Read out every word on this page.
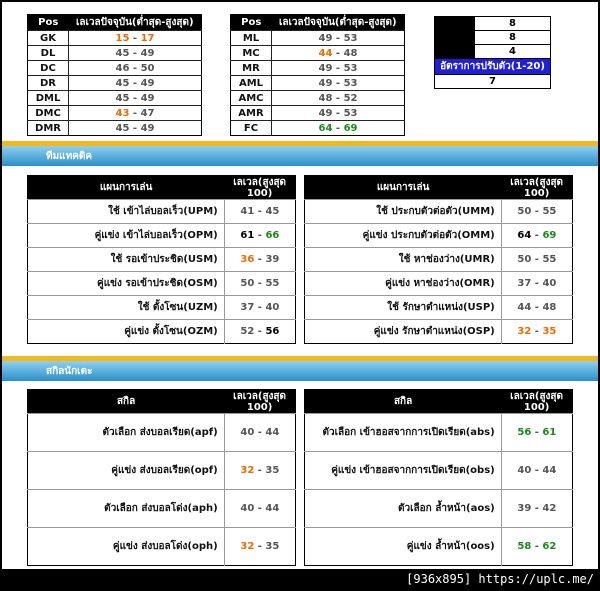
Pos	เลเวลปัจจุบัน(ต่ำสุด-สูงสุด)
GK	15 - 17
DL	45 - 49
DC	46 - 50
DR	45 - 49
DML	45 - 49
DMC	43 - 47
DMR	45 - 49
Pos	เลเวลปัจจุบัน(ต่ำสุด-สูงสุด)
ML	49 - 53
MC	44 - 48
MR	49 - 53
AML	49 - 53
AMC	48 - 52
AMR	49 - 53
FC	64 - 69
CA	8
LA	8
PR	4
อัตราการปรับตัว(1-20)	
7	
ทีมแทคติค
แผนการเล่น	เลเวล(สูงสุด 100)
ใช้ เข้าไล่บอลเร็ว(UPM)	41 - 45
คู่แข่ง เข้าไล่บอลเร็ว(OPM)	61 - 66
ใช้ รอเข้าประชิด(USM)	36 - 39
คู่แข่ง รอเข้าประชิด(OSM)	50 - 55
ใช้ ตั้งโซน(UZM)	37 - 40
คู่แข่ง ตั้งโซน(OZM)	52 - 56
แผนการเล่น	เลเวล(สูงสุด 100)
ใช้ ประกบตัวต่อตัว(UMM)	50 - 55
คู่แข่ง ประกบตัวต่อตัว(OMM)	64 - 69
ใช้ หาช่องว่าง(UMR)	50 - 55
คู่แข่ง หาช่องว่าง(OMR)	37 - 40
ใช้ รักษาตำแหน่ง(USP)	44 - 48
คู่แข่ง รักษาตำแหน่ง(OSP)	32 - 35
สกิลนักเตะ
สกิล	เลเวล(สูงสุด 100)
ตัวเลือก ส่งบอลเรียด(apf)	40 - 44
คู่แข่ง ส่งบอลเรียด(opf)	32 - 35
ตัวเลือก ส่งบอลโด่ง(aph)	40 - 44
คู่แข่ง ส่งบอลโด่ง(oph)	32 - 35
สกิล	เลเวล(สูงสุด 100)
ตัวเลือก เข้าฮอสจากการเปิดเรียด(abs)	56 - 61
คู่แข่ง เข้าฮอสจากการเปิดเรียด(obs)	40 - 44
ตัวเลือก ล้ำหน้า(aos)	39 - 42
คู่แข่ง ล้ำหน้า(oos)	58 - 62
[936x895] https://uplc.me/
